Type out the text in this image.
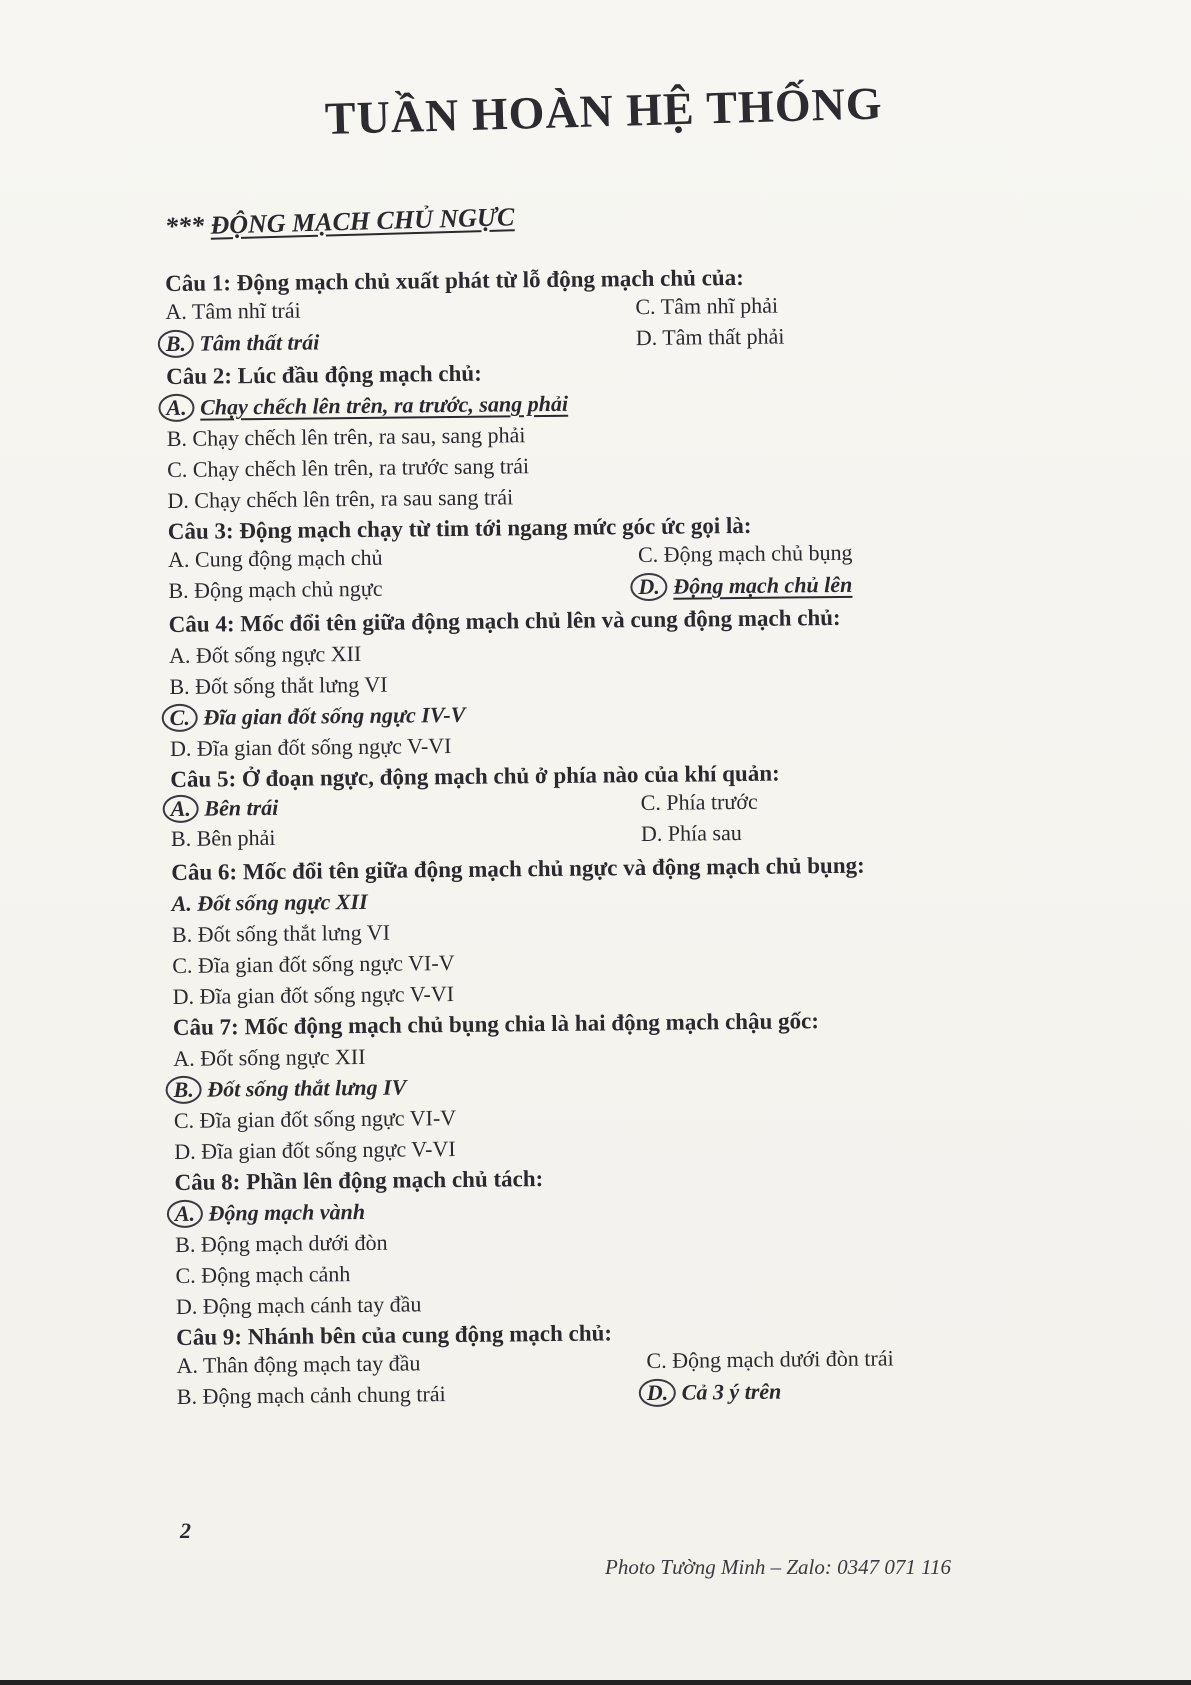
TUẦN HOÀN HỆ THỐNG
*** ĐỘNG MẠCH CHỦ NGỰC
Câu 1: Động mạch chủ xuất phát từ lỗ động mạch chủ của:
A. Tâm nhĩ trái	C. Tâm nhĩ phải
B. Tâm thất trái	D. Tâm thất phải
Câu 2: Lúc đầu động mạch chủ:
A. Chạy chếch lên trên, ra trước, sang phải
B. Chạy chếch lên trên, ra sau, sang phải
C. Chạy chếch lên trên, ra trước sang trái
D. Chạy chếch lên trên, ra sau sang trái
Câu 3: Động mạch chạy từ tim tới ngang mức góc ức gọi là:
A. Cung động mạch chủ	C. Động mạch chủ bụng
B. Động mạch chủ ngực	D. Động mạch chủ lên
Câu 4: Mốc đổi tên giữa động mạch chủ lên và cung động mạch chủ:
A. Đốt sống ngực XII
B. Đốt sống thắt lưng VI
C. Đĩa gian đốt sống ngực IV-V
D. Đĩa gian đốt sống ngực V-VI
Câu 5: Ở đoạn ngực, động mạch chủ ở phía nào của khí quản:
A. Bên trái	C. Phía trước
B. Bên phải	D. Phía sau
Câu 6: Mốc đổi tên giữa động mạch chủ ngực và động mạch chủ bụng:
A. Đốt sống ngực XII
B. Đốt sống thắt lưng VI
C. Đĩa gian đốt sống ngực VI-V
D. Đĩa gian đốt sống ngực V-VI
Câu 7: Mốc động mạch chủ bụng chia là hai động mạch chậu gốc:
A. Đốt sống ngực XII
B. Đốt sống thắt lưng IV
C. Đĩa gian đốt sống ngực VI-V
D. Đĩa gian đốt sống ngực V-VI
Câu 8: Phần lên động mạch chủ tách:
A. Động mạch vành
B. Động mạch dưới đòn
C. Động mạch cảnh
D. Động mạch cánh tay đầu
Câu 9: Nhánh bên của cung động mạch chủ:
A. Thân động mạch tay đầu	C. Động mạch dưới đòn trái
B. Động mạch cảnh chung trái	D. Cả 3 ý trên
2
Photo Tường Minh – Zalo: 0347 071 116
